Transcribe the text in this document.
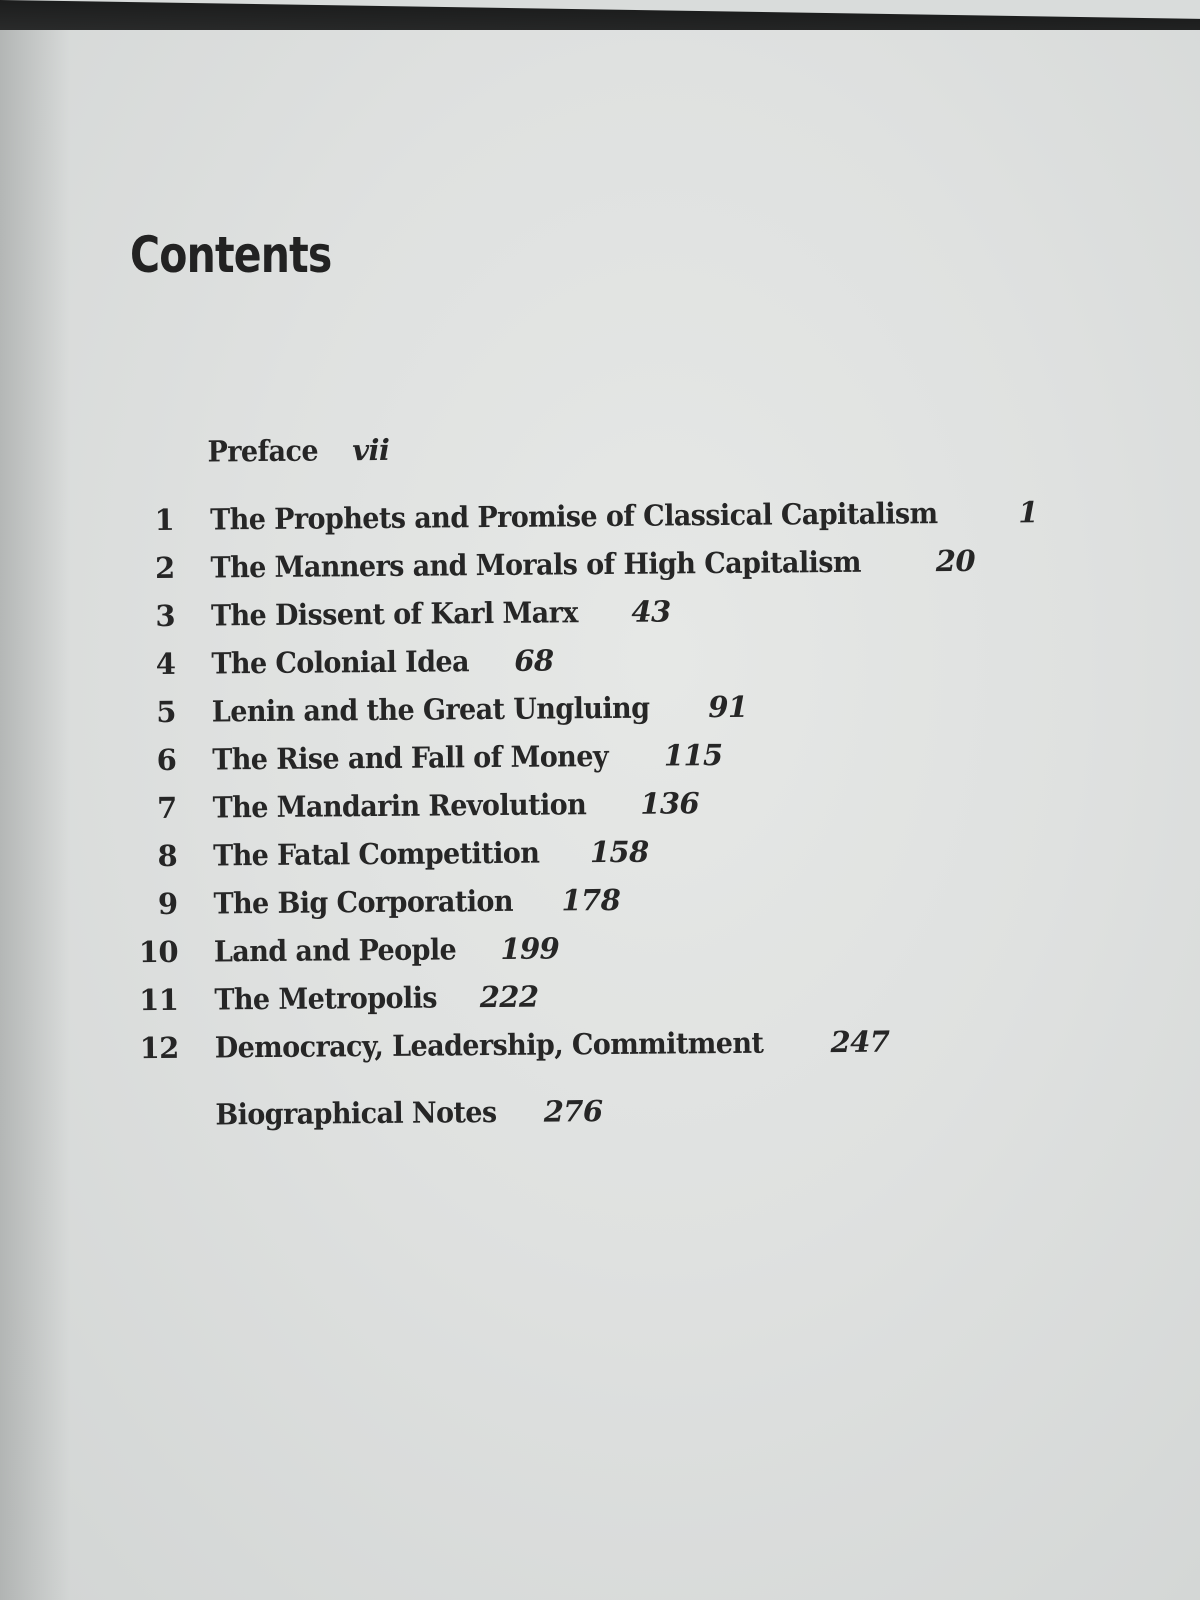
Contents
Preface vii
1 The Prophets and Promise of Classical Capitalism	1
2 The Manners and Morals of High Capitalism	20
3 The Dissent of Karl Marx 43
4 The Colonial Idea 68
5 Lenin and the Great Ungluing 91
6 The Rise and Fall of Money 115
7 The Mandarin Revolution 136
8 The Fatal Competition 158
9 The Big Corporation 178
10 Land and People 199
11 The Metropolis 222
12 Democracy, Leadership, Commitment 247
Biographical Notes 276
